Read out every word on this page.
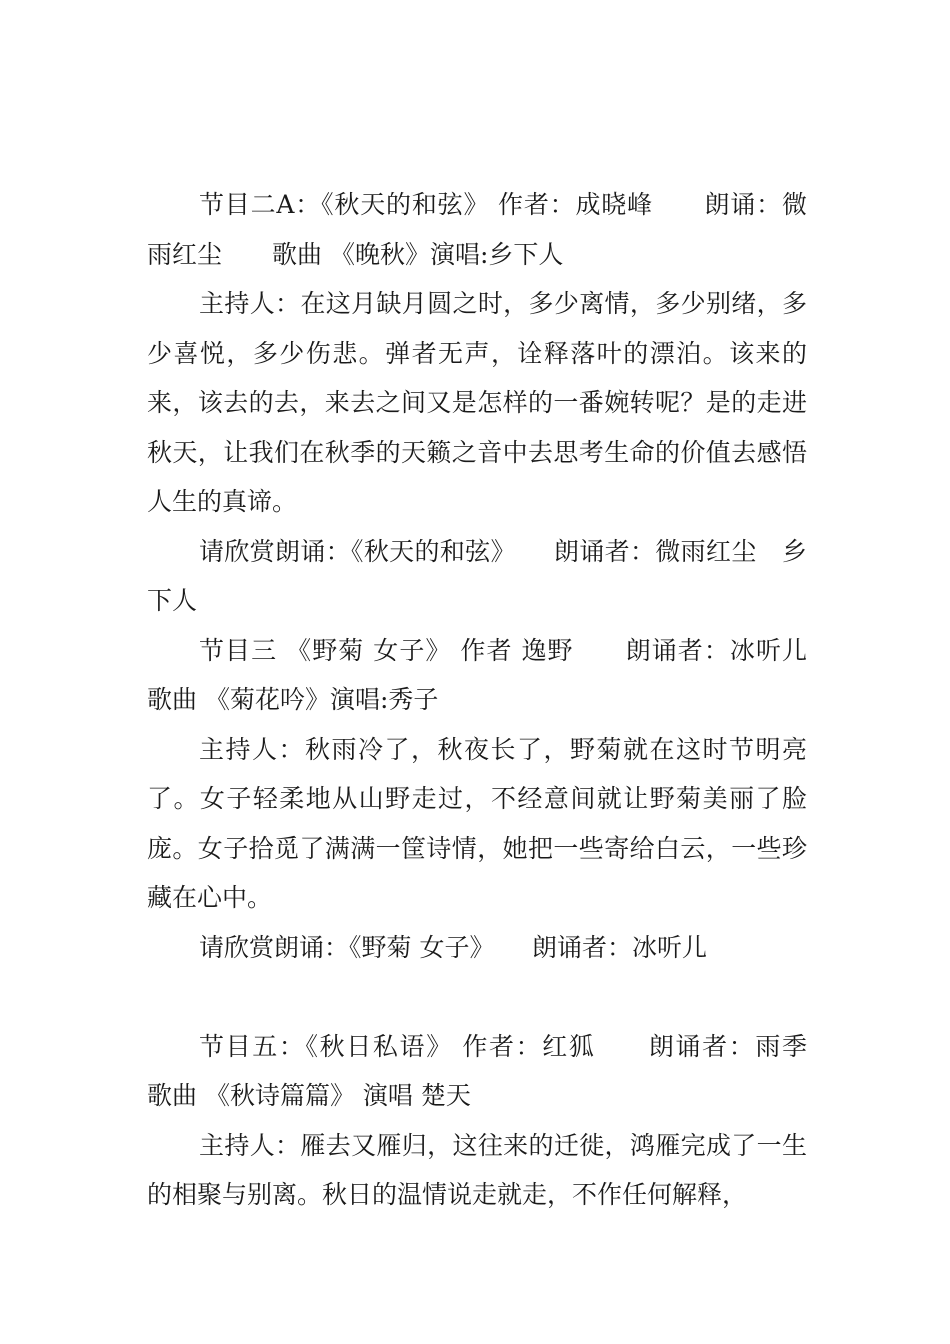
节目二A：《秋天的和弦》 作者：成晓峰　　朗诵：微雨红尘　　歌曲 《晚秋》演唱:乡下人

主持人：在这月缺月圆之时，多少离情，多少别绪，多少喜悦，多少伤悲。弹者无声，诠释落叶的漂泊。该来的来，该去的去，来去之间又是怎样的一番婉转呢？是的走进秋天，让我们在秋季的天籁之音中去思考生命的价值去感悟人生的真谛。

请欣赏朗诵：《秋天的和弦》　　朗诵者：微雨红尘　乡下人

节目三 《野菊 女子》 作者 逸野　　朗诵者：冰听儿　　歌曲 《菊花吟》演唱:秀子

主持人：秋雨冷了，秋夜长了，野菊就在这时节明亮了。女子轻柔地从山野走过，不经意间就让野菊美丽了脸庞。女子拾觅了满满一筐诗情，她把一些寄给白云，一些珍藏在心中。

请欣赏朗诵：《野菊 女子》　　朗诵者：冰听儿

节目五：《秋日私语》 作者：红狐　　朗诵者：雨季　　歌曲 《秋诗篇篇》 演唱 楚天

主持人：雁去又雁归，这往来的迁徙，鸿雁完成了一生的相聚与别离。秋日的温情说走就走，不作任何解释，
